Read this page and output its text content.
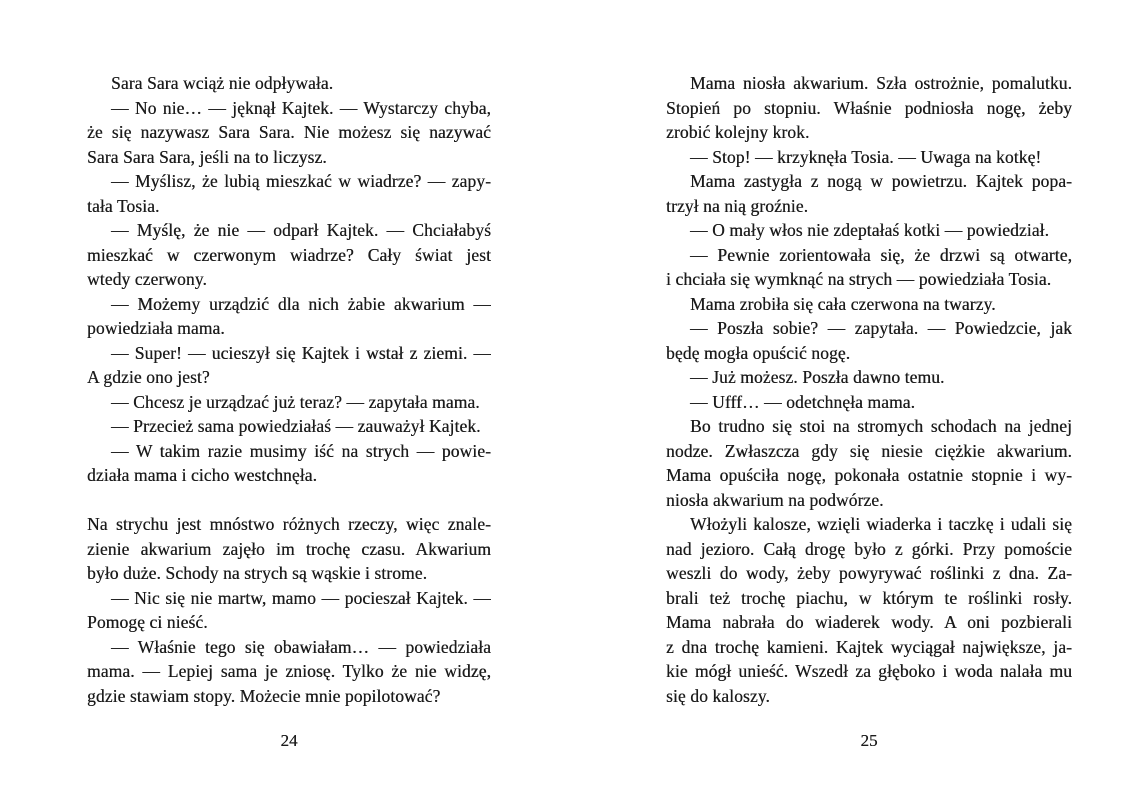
Sara Sara wciąż nie odpływała.
— No nie… — jęknął Kajtek. — Wystarczy chyba,
że się nazywasz Sara Sara. Nie możesz się nazywać
Sara Sara Sara, jeśli na to liczysz.
— Myślisz, że lubią mieszkać w wiadrze? — zapy-
tała Tosia.
— Myślę, że nie — odparł Kajtek. — Chciałabyś
mieszkać w czerwonym wiadrze? Cały świat jest
wtedy czerwony.
— Możemy urządzić dla nich żabie akwarium —
powiedziała mama.
— Super! — ucieszył się Kajtek i wstał z ziemi. —
A gdzie ono jest?
— Chcesz je urządzać już teraz? — zapytała mama.
— Przecież sama powiedziałaś — zauważył Kajtek.
— W takim razie musimy iść na strych — powie-
działa mama i cicho westchnęła.
Na strychu jest mnóstwo różnych rzeczy, więc znale-
zienie akwarium zajęło im trochę czasu. Akwarium
było duże. Schody na strych są wąskie i strome.
— Nic się nie martw, mamo — pocieszał Kajtek. —
Pomogę ci nieść.
— Właśnie tego się obawiałam… — powiedziała
mama. — Lepiej sama je zniosę. Tylko że nie widzę,
gdzie stawiam stopy. Możecie mnie popilotować?
Mama niosła akwarium. Szła ostrożnie, pomalutku.
Stopień po stopniu. Właśnie podniosła nogę, żeby
zrobić kolejny krok.
— Stop! — krzyknęła Tosia. — Uwaga na kotkę!
Mama zastygła z nogą w powietrzu. Kajtek popa-
trzył na nią groźnie.
— O mały włos nie zdeptałaś kotki — powiedział.
— Pewnie zorientowała się, że drzwi są otwarte,
i chciała się wymknąć na strych — powiedziała Tosia.
Mama zrobiła się cała czerwona na twarzy.
— Poszła sobie? — zapytała. — Powiedzcie, jak
będę mogła opuścić nogę.
— Już możesz. Poszła dawno temu.
— Ufff… — odetchnęła mama.
Bo trudno się stoi na stromych schodach na jednej
nodze. Zwłaszcza gdy się niesie ciężkie akwarium.
Mama opuściła nogę, pokonała ostatnie stopnie i wy-
niosła akwarium na podwórze.
Włożyli kalosze, wzięli wiaderka i taczkę i udali się
nad jezioro. Całą drogę było z górki. Przy pomoście
weszli do wody, żeby powyrywać roślinki z dna. Za-
brali też trochę piachu, w którym te roślinki rosły.
Mama nabrała do wiaderek wody. A oni pozbierali
z dna trochę kamieni. Kajtek wyciągał największe, ja-
kie mógł unieść. Wszedł za głęboko i woda nalała mu
się do kaloszy.
24	25
